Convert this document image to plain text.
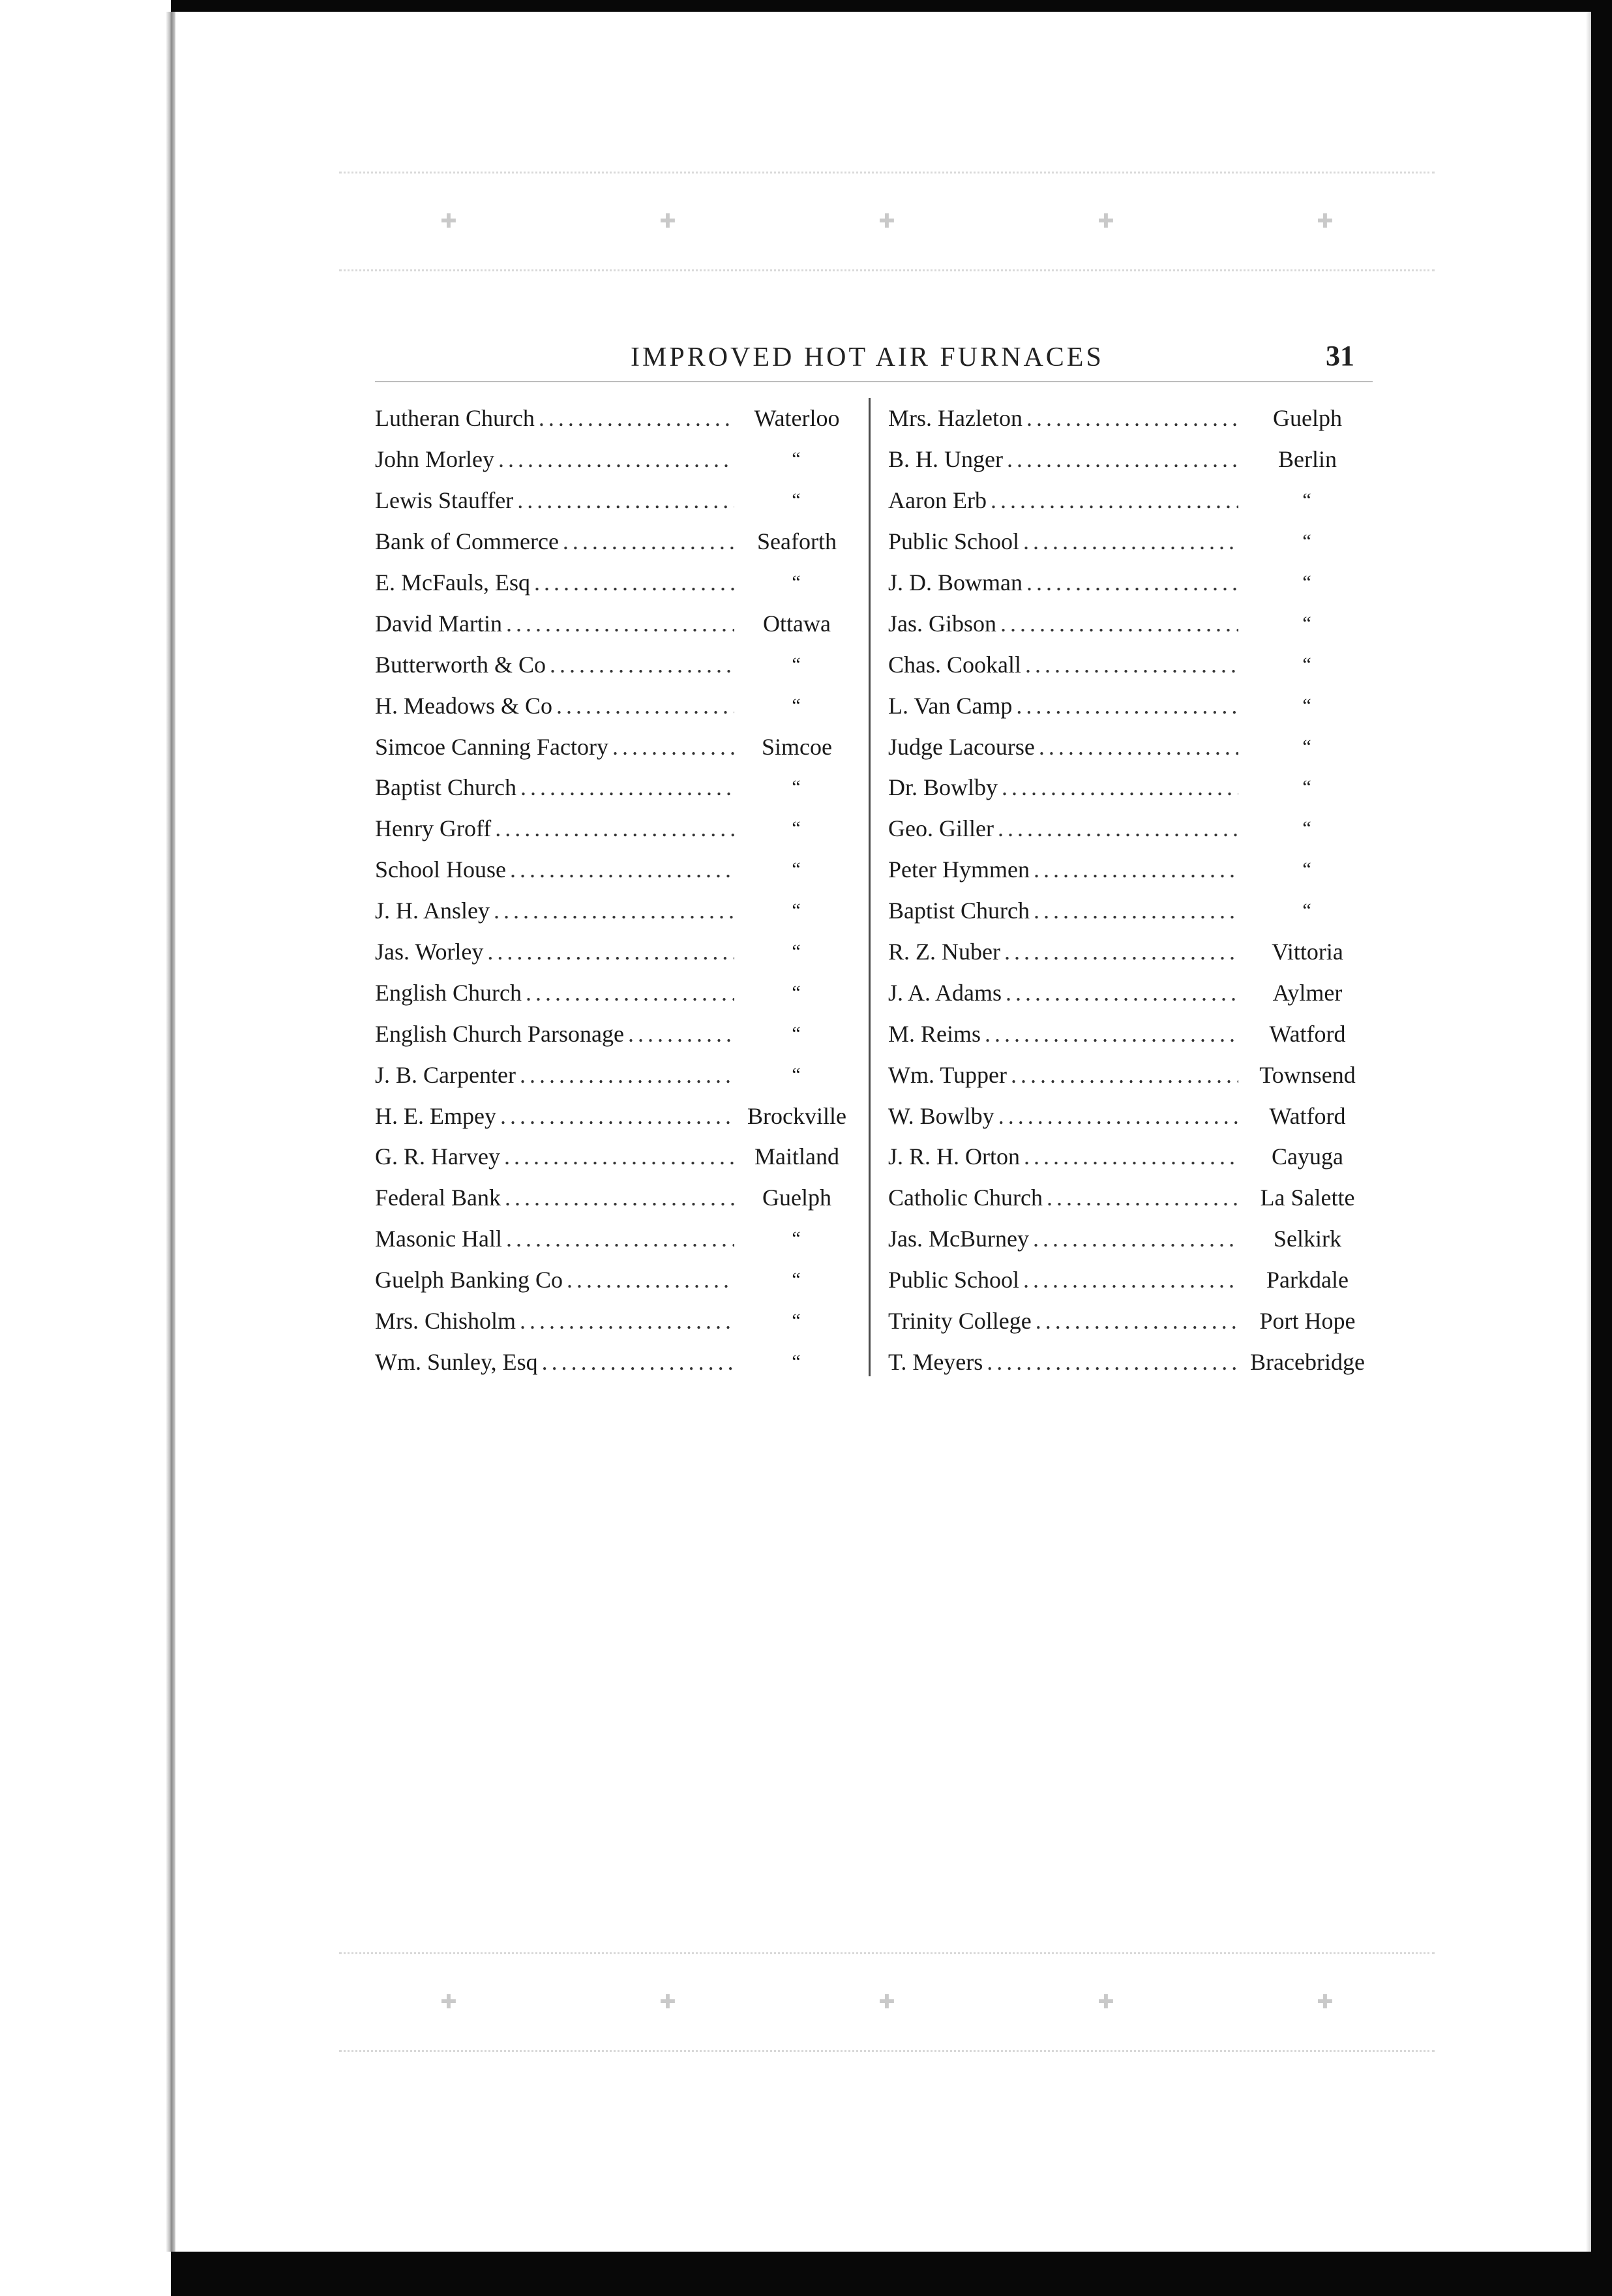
✚	✚	✚	✚	✚
✚	✚	✚	✚	✚
IMPROVED HOT AIR FURNACES	31
Lutheran Church .....	Waterloo
John Morley .....	“
Lewis Stauffer .....	“
Bank of Commerce .....	Seaforth
E. McFauls, Esq .....	“
David Martin .....	Ottawa
Butterworth & Co .....	“
H. Meadows & Co .....	“
Simcoe Canning Factory .....	Simcoe
Baptist Church .....	“
Henry Groff .....	“
School House .....	“
J. H. Ansley .....	“
Jas. Worley .....	“
English Church .....	“
English Church Parsonage .....	“
J. B. Carpenter .....	“
H. E. Empey .....	Brockville
G. R. Harvey .....	Maitland
Federal Bank .....	Guelph
Masonic Hall .....	“
Guelph Banking Co .....	“
Mrs. Chisholm .....	“
Wm. Sunley, Esq .....	“
Mrs. Hazleton .....	Guelph
B. H. Unger .....	Berlin
Aaron Erb .....	“
Public School .....	“
J. D. Bowman .....	“
Jas. Gibson .....	“
Chas. Cookall .....	“
L. Van Camp .....	“
Judge Lacourse .....	“
Dr. Bowlby .....	“
Geo. Giller .....	“
Peter Hymmen .....	“
Baptist Church .....	“
R. Z. Nuber .....	Vittoria
J. A. Adams .....	Aylmer
M. Reims .....	Watford
Wm. Tupper .....	Townsend
W. Bowlby .....	Watford
J. R. H. Orton .....	Cayuga
Catholic Church .....	La Salette
Jas. McBurney .....	Selkirk
Public School .....	Parkdale
Trinity College .....	Port Hope
T. Meyers .....	Bracebridge
